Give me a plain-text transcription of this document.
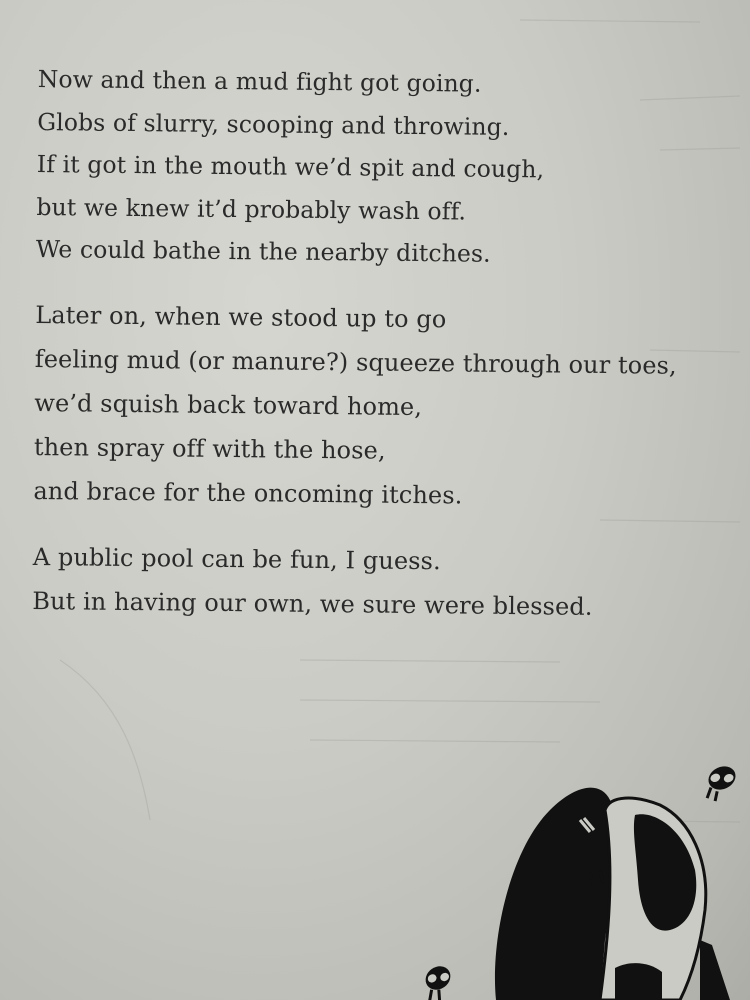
Now and then a mud fight got going.
Globs of slurry, scooping and throwing.
If it got in the mouth we’d spit and cough,
but we knew it’d probably wash off.
We could bathe in the nearby ditches.
Later on, when we stood up to go
feeling mud (or manure?) squeeze through our toes,
we’d squish back toward home,
then spray off with the hose,
and brace for the oncoming itches.
A public pool can be fun, I guess.
But in having our own, we sure were blessed.
